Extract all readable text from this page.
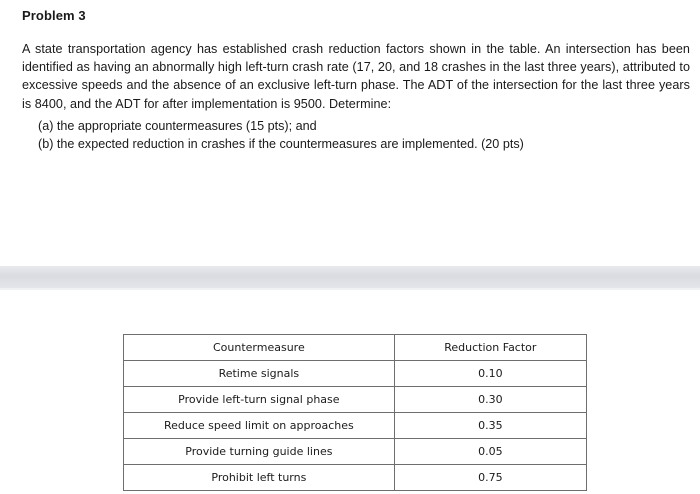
Problem 3
A state transportation agency has established crash reduction factors shown in the table. An intersection has been identified as having an abnormally high left-turn crash rate (17, 20, and 18 crashes in the last three years), attributed to excessive speeds and the absence of an exclusive left-turn phase. The ADT of the intersection for the last three years is 8400, and the ADT for after implementation is 9500. Determine:
(a) the appropriate countermeasures (15 pts); and
(b) the expected reduction in crashes if the countermeasures are implemented. (20 pts)
Countermeasure	Reduction Factor
Retime signals	0.10
Provide left-turn signal phase	0.30
Reduce speed limit on approaches	0.35
Provide turning guide lines	0.05
Prohibit left turns	0.75
